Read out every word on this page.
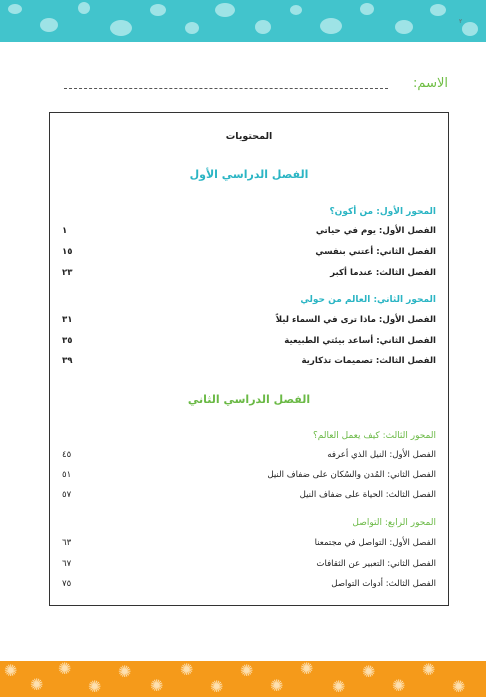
٢
الاسم:
المحتويات
الفصل الدراسي الأول
المحور الأول: من أكون؟
الفصل الأول: يوم في حياتي
١
الفصل الثاني: أعتني بنفسي
١٥
الفصل الثالث: عندما أكبر
٢٣
المحور الثاني: العالم من حولي
الفصل الأول: ماذا ترى في السماء ليلاً
٣١
الفصل الثاني: أساعد بيئتي الطبيعية
٣٥
الفصل الثالث: تصميمات تذكارية
٣٩
الفصل الدراسي الثاني
المحور الثالث: كيف يعمل العالم؟
الفصل الأول: النيل الذي أعرفه
٤٥
الفصل الثاني: المُدن والسُكان على ضفاف النيل
٥١
الفصل الثالث: الحياة على ضفاف النيل
٥٧
المحور الرابع: التواصل
الفصل الأول: التواصل في مجتمعنا
٦٣
الفصل الثاني: التعبير عن الثقافات
٦٧
الفصل الثالث: أدوات التواصل
٧٥
✺
✺
✺
✺
✺
✺
✺
✺
✺
✺
✺
✺
✺
✺
✺
✺
